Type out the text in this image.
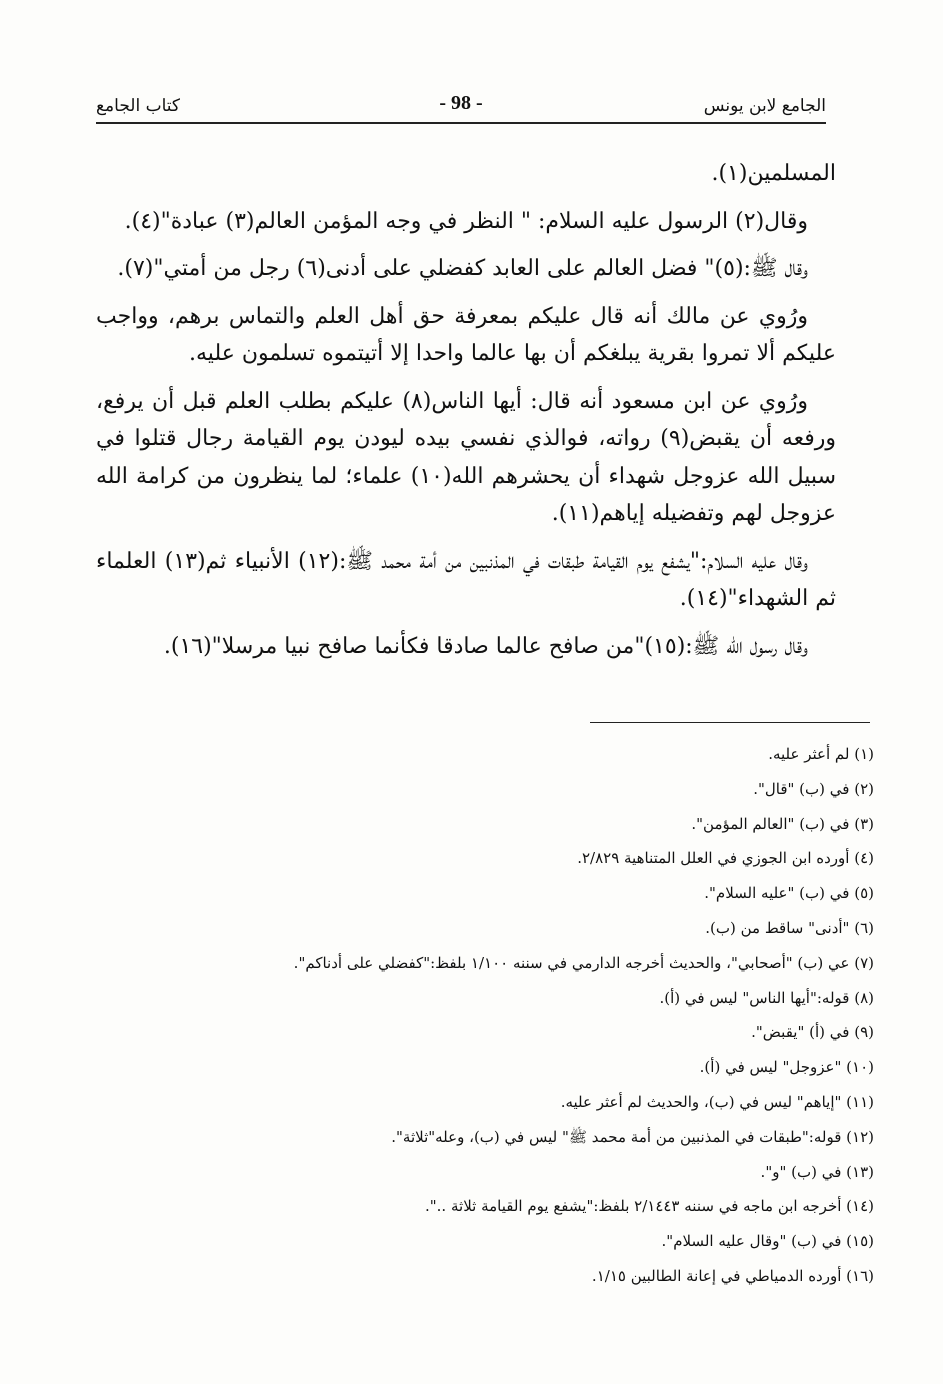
الجامع لابن يونس
- 98 -
كتاب الجامع

المسلمين(١).

وقال(٢) الرسول عليه السلام: " النظر في وجه المؤمن العالم(٣) عبادة"(٤).

وقال ﷺ:(٥)" فضل العالم على العابد كفضلي على أدنى(٦) رجل من أمتي"(٧).

ورُوي عن مالك أنه قال عليكم بمعرفة حق أهل العلم والتماس برهم، وواجب عليكم ألا تمروا بقرية يبلغكم أن بها عالما واحدا إلا أتيتموه تسلمون عليه.

ورُوي عن ابن مسعود أنه قال: أيها الناس(٨) عليكم بطلب العلم قبل أن يرفع، ورفعه أن يقبض(٩) رواته، فوالذي نفسي بيده ليودن يوم القيامة رجال قتلوا في سبيل الله عزوجل شهداء أن يحشرهم الله(١٠) علماء؛ لما ينظرون من كرامة الله عزوجل لهم وتفضيله إياهم(١١).

وقال عليه السلام:"يشفع يوم القيامة طبقات في المذنبين من أمة محمد ﷺ:(١٢) الأنبياء ثم(١٣) العلماء ثم الشهداء"(١٤).

وقال رسول الله ﷺ:(١٥)"من صافح عالما صادقا فكأنما صافح نبيا مرسلا"(١٦).

(١) لم أعثر عليه.
(٢) في (ب) "قال".
(٣) في (ب) "العالم المؤمن".
(٤) أورده ابن الجوزي في العلل المتناهية ٢/٨٢٩.
(٥) في (ب) "عليه السلام".
(٦) "أدنى" ساقط من (ب).
(٧) عي (ب) "أصحابي"، والحديث أخرجه الدارمي في سننه ١/١٠٠ بلفظ:"كفضلي على أدناكم".
(٨) قوله:"أيها الناس" ليس في (أ).
(٩) في (أ) "يقبض".
(١٠) "عزوجل" ليس في (أ).
(١١) "إياهم" ليس في (ب)، والحديث لم أعثر عليه.
(١٢) قوله:"طبقات في المذنبين من أمة محمد ﷺ" ليس في (ب)، وعله"ثلاثة".
(١٣) في (ب) "و".
(١٤) أخرجه ابن ماجه في سننه ٢/١٤٤٣ بلفظ:"يشفع يوم القيامة ثلاثة ..".
(١٥) في (ب) "وقال عليه السلام".
(١٦) أورده الدمياطي في إعانة الطالبين ١/١٥.
